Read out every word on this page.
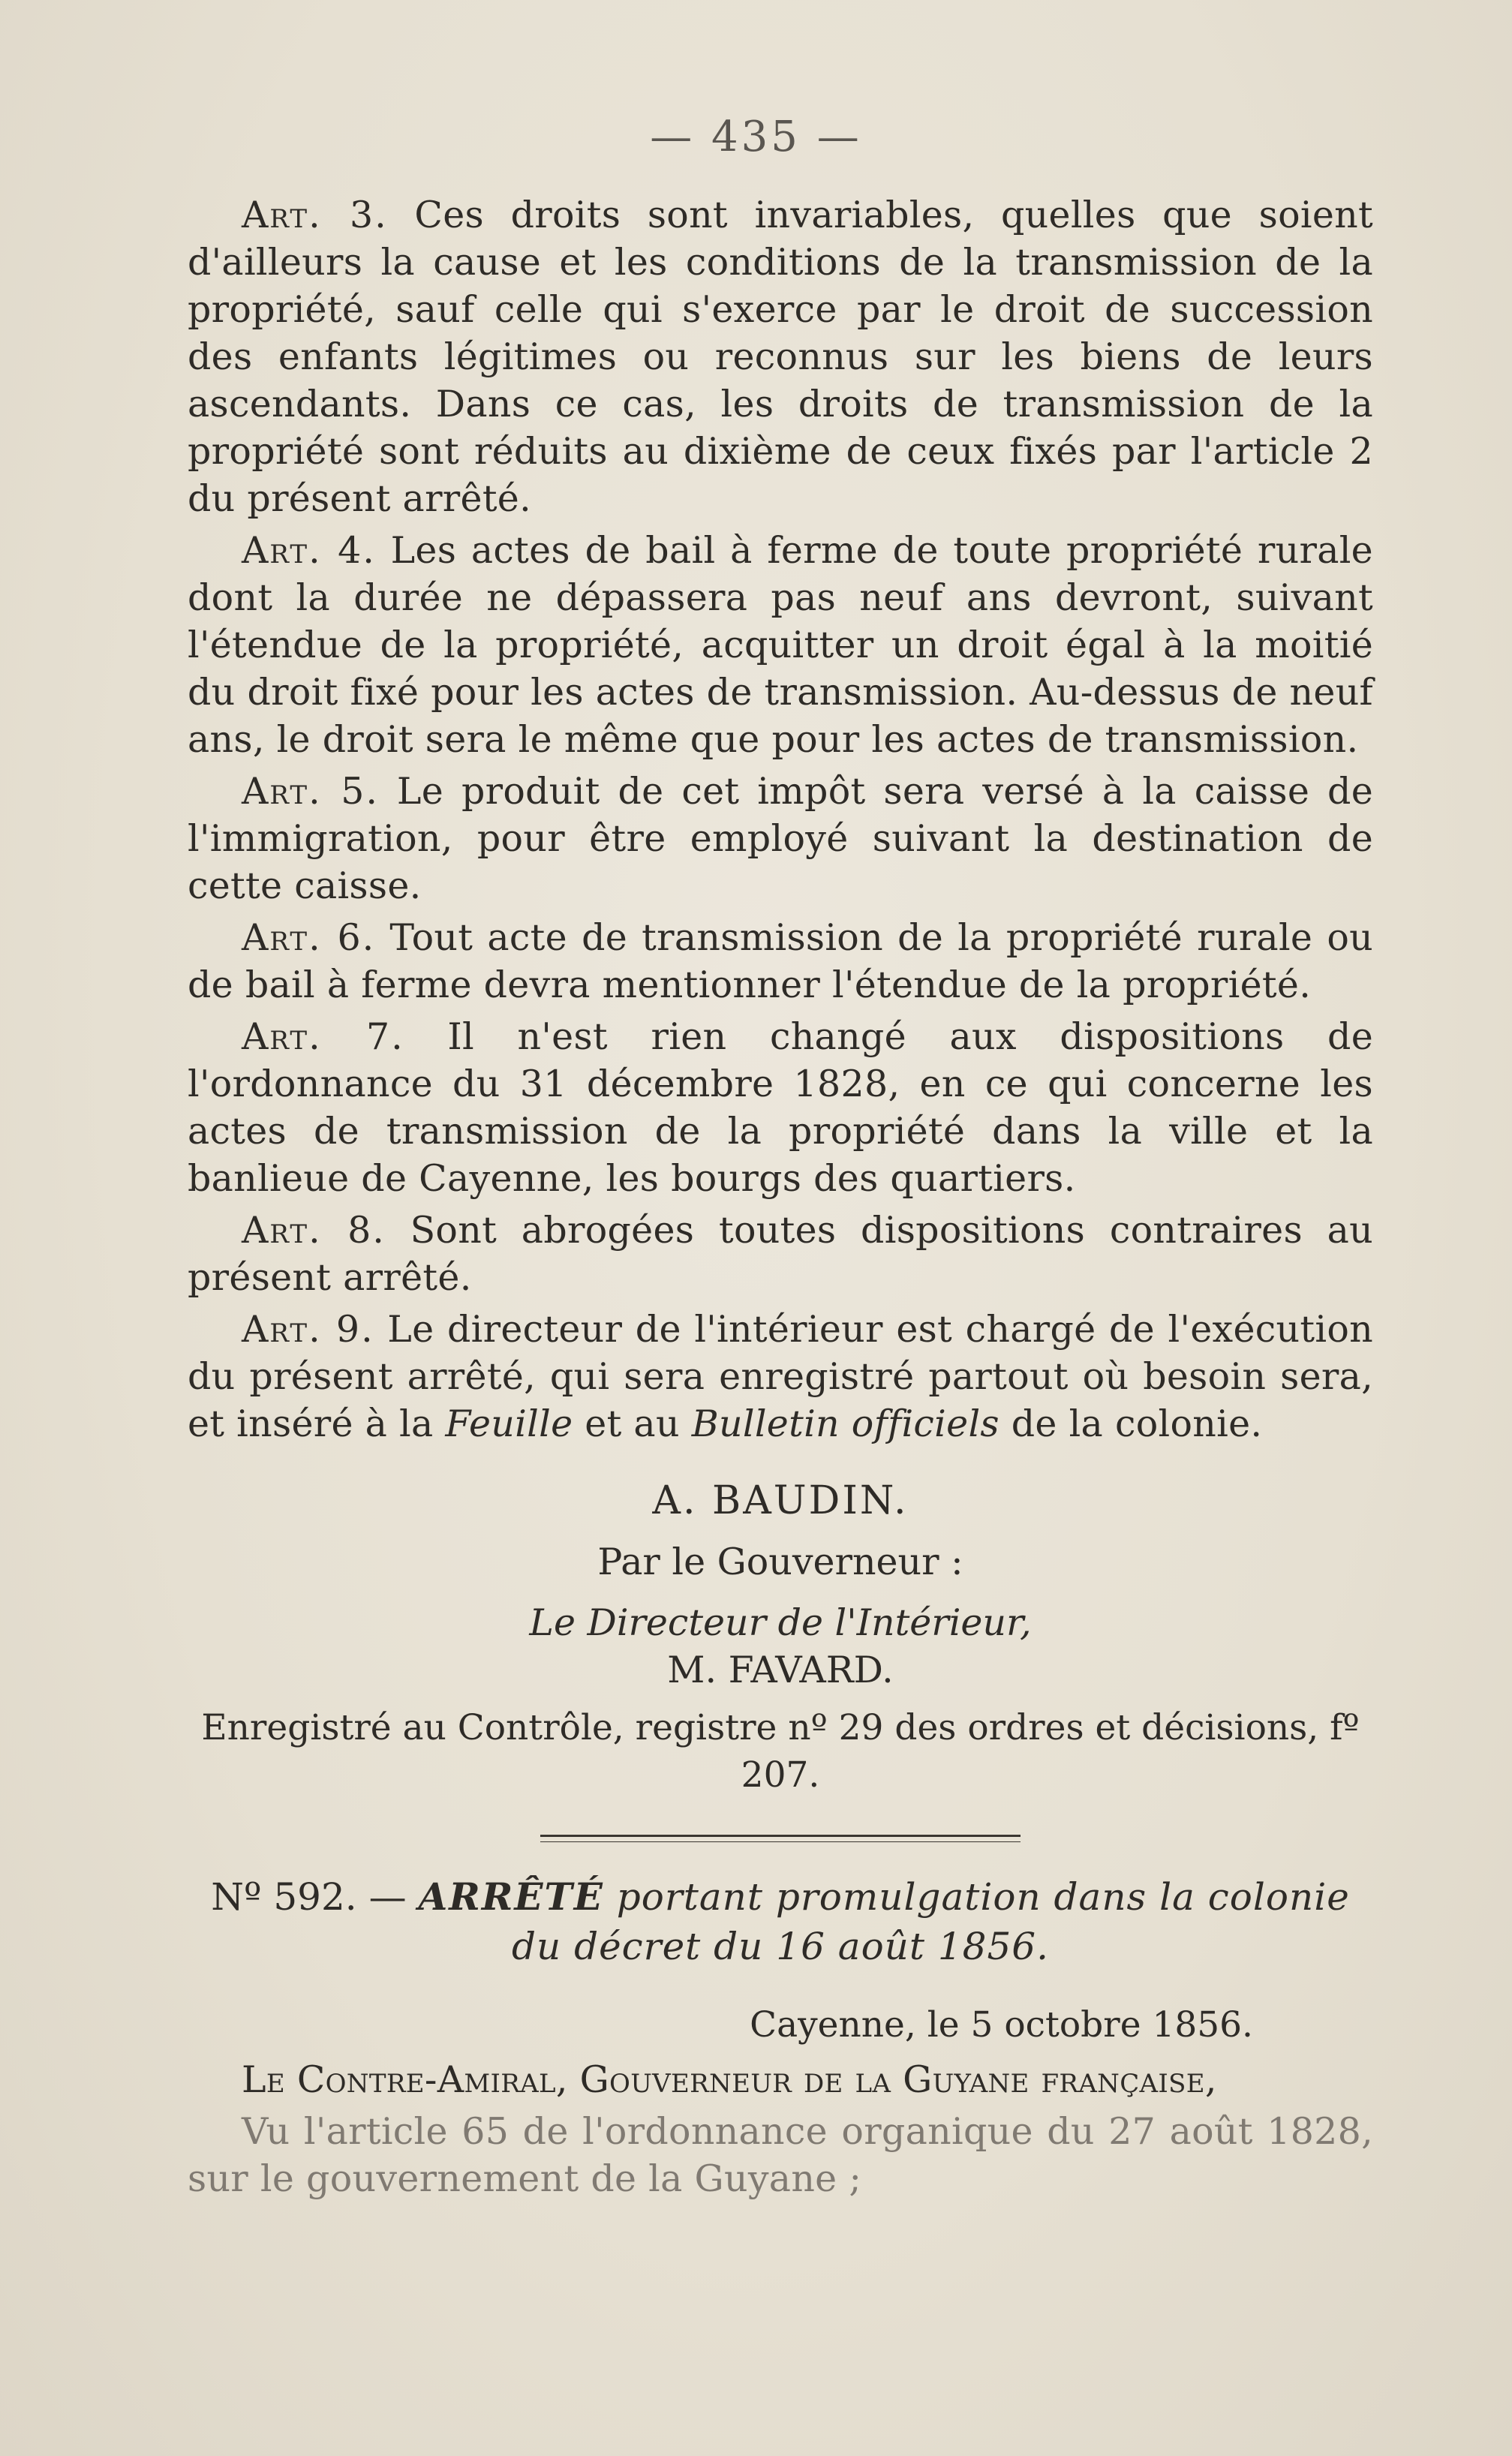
— 435 —

Art. 3. Ces droits sont invariables, quelles que soient d'ailleurs la cause et les conditions de la transmission de la propriété, sauf celle qui s'exerce par le droit de succession des enfants légitimes ou reconnus sur les biens de leurs ascendants. Dans ce cas, les droits de transmission de la propriété sont réduits au dixième de ceux fixés par l'article 2 du présent arrêté.

Art. 4. Les actes de bail à ferme de toute propriété rurale dont la durée ne dépassera pas neuf ans devront, suivant l'étendue de la propriété, acquitter un droit égal à la moitié du droit fixé pour les actes de transmission. Au-dessus de neuf ans, le droit sera le même que pour les actes de transmission.

Art. 5. Le produit de cet impôt sera versé à la caisse de l'immigration, pour être employé suivant la destination de cette caisse.

Art. 6. Tout acte de transmission de la propriété rurale ou de bail à ferme devra mentionner l'étendue de la propriété.

Art. 7. Il n'est rien changé aux dispositions de l'ordonnance du 31 décembre 1828, en ce qui concerne les actes de transmission de la propriété dans la ville et la banlieue de Cayenne, les bourgs des quartiers.

Art. 8. Sont abrogées toutes dispositions contraires au présent arrêté.

Art. 9. Le directeur de l'intérieur est chargé de l'exécution du présent arrêté, qui sera enregistré partout où besoin sera, et inséré à la Feuille et au Bulletin officiels de la colonie.

A. BAUDIN.

Par le Gouverneur :

Le Directeur de l'Intérieur,

M. FAVARD.

Enregistré au Contrôle, registre nº 29 des ordres et décisions, fº 207.

Nº 592. — ARRÊTÉ portant promulgation dans la colonie
du décret du 16 août 1856.

Cayenne, le 5 octobre 1856.

Le Contre-Amiral, Gouverneur de la Guyane française,

Vu l'article 65 de l'ordonnance organique du 27 août 1828, sur le gouvernement de la Guyane ;
